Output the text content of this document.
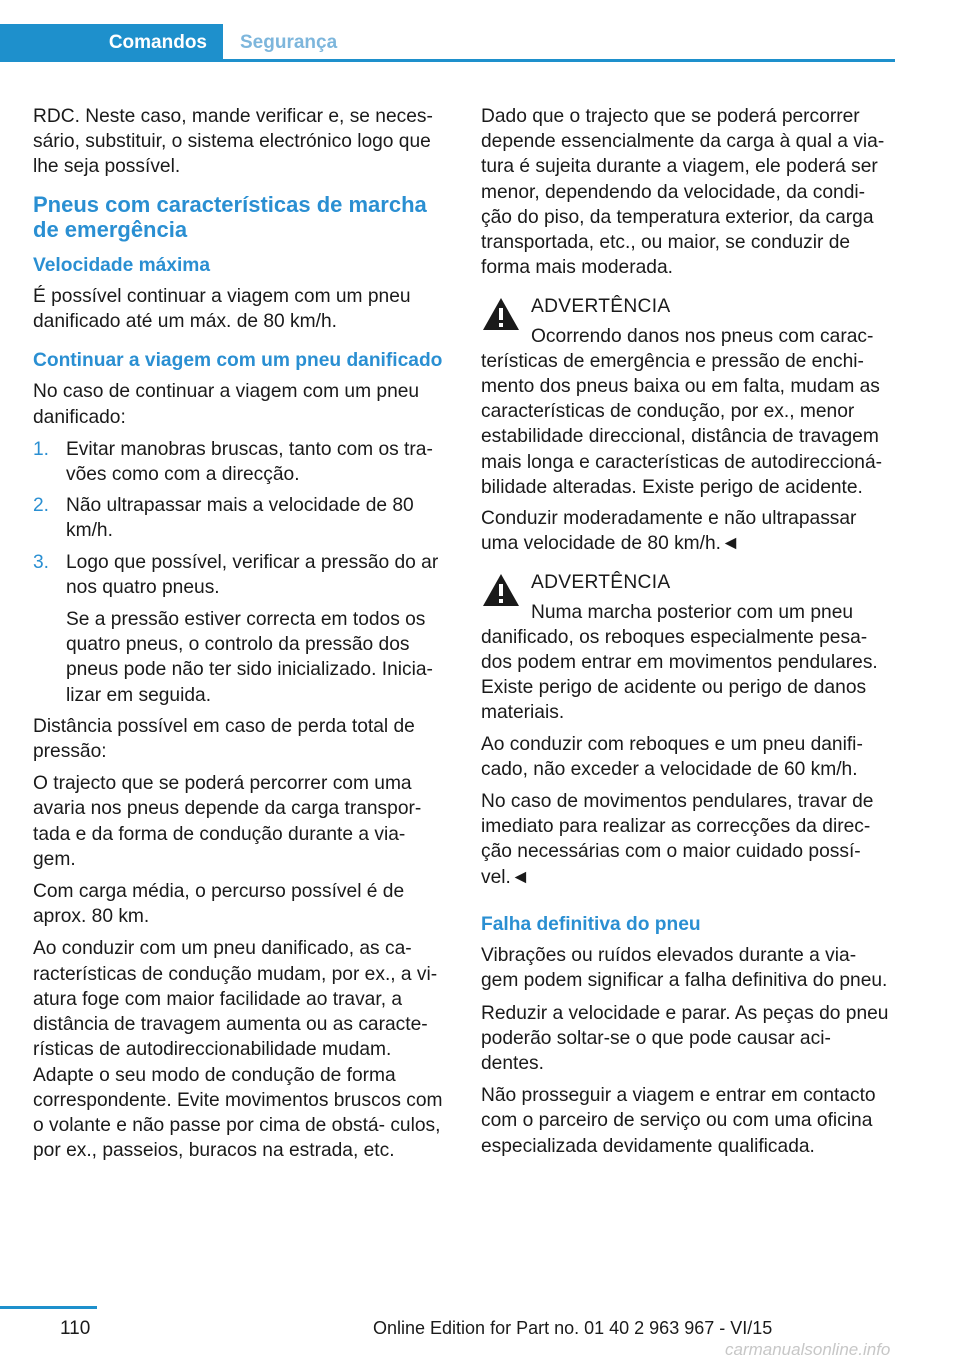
Comandos	Segurança

RDC. Neste caso, mande verificar e, se neces‐ sário, substituir, o sistema electrónico logo que lhe seja possível.

Pneus com características de marcha de emergência
Velocidade máxima

É possível continuar a viagem com um pneu danificado até um máx. de 80 km/h.

Continuar a viagem com um pneu danificado

No caso de continuar a viagem com um pneu danificado:

1. Evitar manobras bruscas, tanto com os tra‐ vões como com a direcção.
2. Não ultrapassar mais a velocidade de 80 km/h.
3. Logo que possível, verificar a pressão do ar nos quatro pneus.
Se a pressão estiver correcta em todos os quatro pneus, o controlo da pressão dos pneus pode não ter sido inicializado. Inicia‐ lizar em seguida.

Distância possível em caso de perda total de pressão:

O trajecto que se poderá percorrer com uma avaria nos pneus depende da carga transpor‐ tada e da forma de condução durante a via‐ gem.

Com carga média, o percurso possível é de aprox. 80 km.

Ao conduzir com um pneu danificado, as ca‐ racterísticas de condução mudam, por ex., a vi‐ atura foge com maior facilidade ao travar, a distância de travagem aumenta ou as caracte‐ rísticas de autodireccionabilidade mudam. Adapte o seu modo de condução de forma correspondente. Evite movimentos bruscos com o volante e não passe por cima de obstá‐ culos, por ex., passeios, buracos na estrada, etc.

Dado que o trajecto que se poderá percorrer depende essencialmente da carga à qual a via‐ tura é sujeita durante a viagem, ele poderá ser menor, dependendo da velocidade, da condi‐ ção do piso, da temperatura exterior, da carga transportada, etc., ou maior, se conduzir de forma mais moderada.

ADVERTÊNCIA

Ocorrendo danos nos pneus com carac‐ terísticas de emergência e pressão de enchi‐ mento dos pneus baixa ou em falta, mudam as características de condução, por ex., menor estabilidade direccional, distância de travagem mais longa e características de autodireccioná‐ bilidade alteradas. Existe perigo de acidente.

Conduzir moderadamente e não ultrapassar uma velocidade de 80 km/h.◄

ADVERTÊNCIA

Numa marcha posterior com um pneu danificado, os reboques especialmente pesa‐ dos podem entrar em movimentos pendulares. Existe perigo de acidente ou perigo de danos materiais.

Ao conduzir com reboques e um pneu danifi‐ cado, não exceder a velocidade de 60 km/h.

No caso de movimentos pendulares, travar de imediato para realizar as correcções da direc‐ ção necessárias com o maior cuidado possí‐ vel.◄

Falha definitiva do pneu

Vibrações ou ruídos elevados durante a via‐ gem podem significar a falha definitiva do pneu.

Reduzir a velocidade e parar. As peças do pneu poderão soltar-se o que pode causar aci‐ dentes.

Não prosseguir a viagem e entrar em contacto com o parceiro de serviço ou com uma oficina especializada devidamente qualificada.

110	Online Edition for Part no. 01 40 2 963 967 - VI/15
carmanualsonline.info
